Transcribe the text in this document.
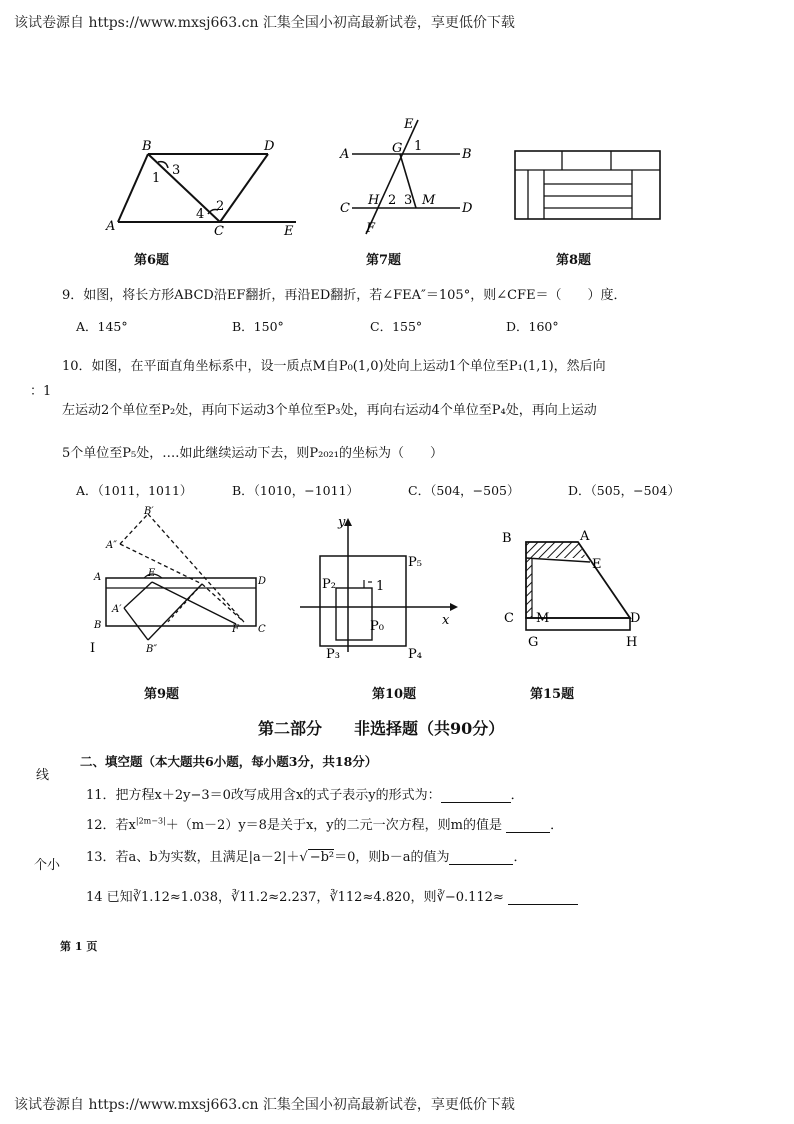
该试卷源自 https://www.mxsj663.cn 汇集全国小初高最新试卷，享更低价下载
B	D
A	C	E
1
3
4
2
第6题
E
A	G 1
B
C
H 2 3 M
D
F
第7题	第8题
9．如图，将长方形ABCD沿EF翻折，再沿ED翻折，若∠FEA″＝105°，则∠CFE＝（　　）度．
A．145°	B．150°	C．155°	D．160°
：1
10．如图，在平面直角坐标系中，设一质点M自P₀(1,0)处向上运动1个单位至P₁(1,1)，然后向
左运动2个单位至P₂处，再向下运动3个单位至P₃处，再向右运动4个单位至P₄处，再向上运动
5个单位至P₅处，….如此继续运动下去，则P₂₀₂₁的坐标为（　　）
A．（1011，1011）	B．（1010，−1011）	C．（504，−505）	D．（505，−504）
B′
A″
A	E
D
A′
B	F C
B″
I
第9题
y
x
P₅
P₂	1
P₀
P₃	P₄
第10题
B	A
E
C M	D
G	H
第15题
第二部分　　非选择题（共90分）
二、填空题（本大题共6小题，每小题3分，共18分）
线
个小
11．把方程x＋2y−3＝0改写成用含x的式子表示y的形式为：	．
12．若$x^{|2m-3|}+(m-2)y=8$是关于x，y的二元一次方程，则m的值是	．
13．若a、b为实数，且满足|a－2|＋√ −b²＝0，则b－a的值为	．
14 已知∛1.12≈1.038，∛11.2≈2.237，∛112≈4.820，则∛−0.112≈
第 1 页
该试卷源自 https://www.mxsj663.cn 汇集全国小初高最新试卷，享更低价下载
